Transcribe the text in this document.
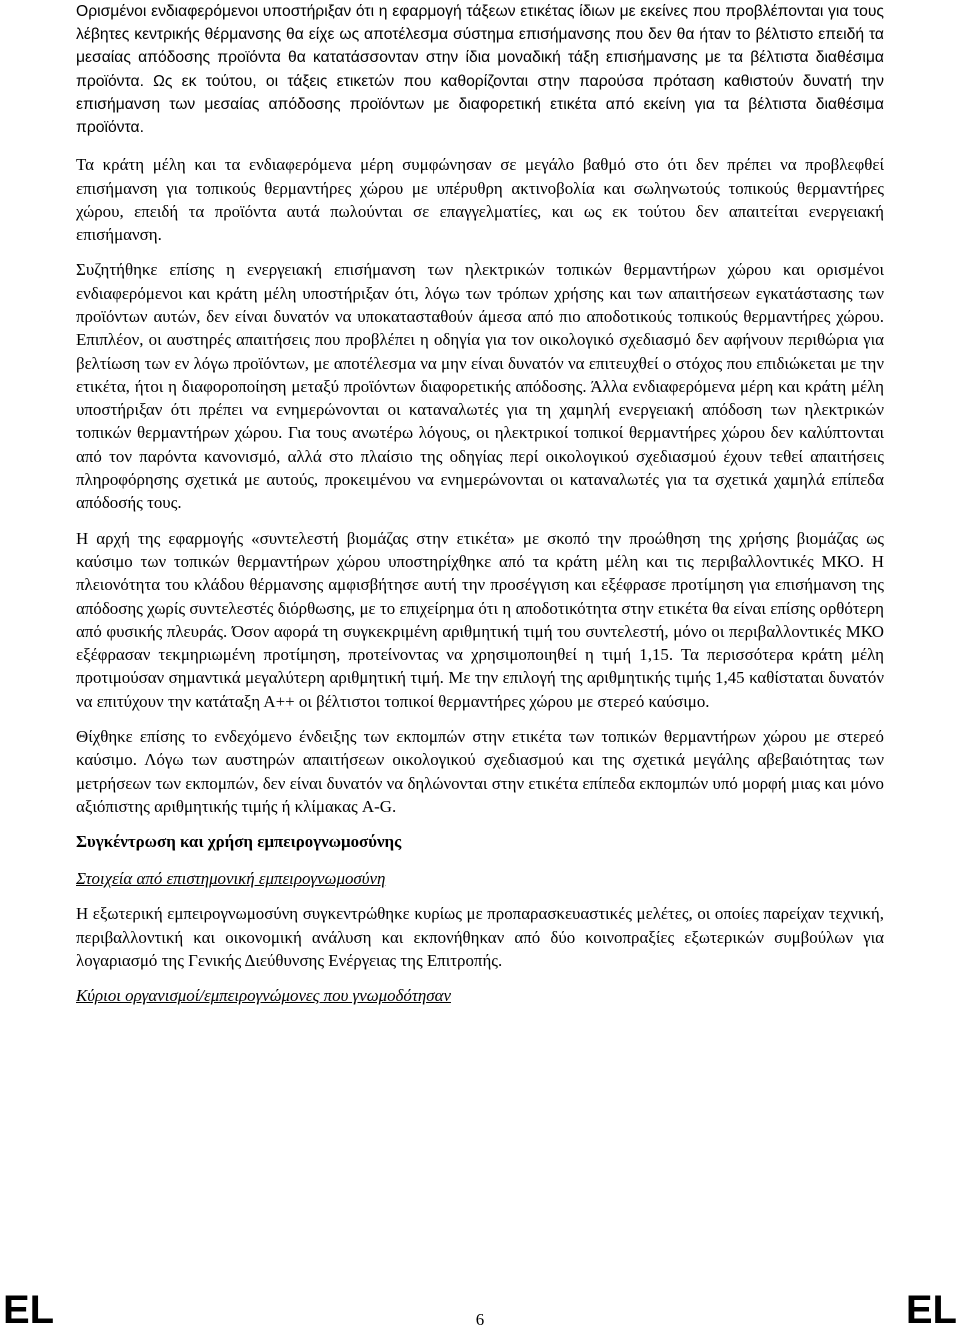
Ορισμένοι ενδιαφερόμενοι υποστήριξαν ότι η εφαρμογή τάξεων ετικέτας ίδιων με εκείνες που προβλέπονται για τους λέβητες κεντρικής θέρμανσης θα είχε ως αποτέλεσμα σύστημα επισήμανσης που δεν θα ήταν το βέλτιστο επειδή τα μεσαίας απόδοσης προϊόντα θα κατατάσσονταν στην ίδια μοναδική τάξη επισήμανσης με τα βέλτιστα διαθέσιμα προϊόντα. Ως εκ τούτου, οι τάξεις ετικετών που καθορίζονται στην παρούσα πρόταση καθιστούν δυνατή την επισήμανση των μεσαίας απόδοσης προϊόντων με διαφορετική ετικέτα από εκείνη για τα βέλτιστα διαθέσιμα προϊόντα.

Τα κράτη μέλη και τα ενδιαφερόμενα μέρη συμφώνησαν σε μεγάλο βαθμό στο ότι δεν πρέπει να προβλεφθεί επισήμανση για τοπικούς θερμαντήρες χώρου με υπέρυθρη ακτινοβολία και σωληνωτούς τοπικούς θερμαντήρες χώρου, επειδή τα προϊόντα αυτά πωλούνται σε επαγγελματίες, και ως εκ τούτου δεν απαιτείται ενεργειακή επισήμανση.

Συζητήθηκε επίσης η ενεργειακή επισήμανση των ηλεκτρικών τοπικών θερμαντήρων χώρου και ορισμένοι ενδιαφερόμενοι και κράτη μέλη υποστήριξαν ότι, λόγω των τρόπων χρήσης και των απαιτήσεων εγκατάστασης των προϊόντων αυτών, δεν είναι δυνατόν να υποκατασταθούν άμεσα από πιο αποδοτικούς τοπικούς θερμαντήρες χώρου. Επιπλέον, οι αυστηρές απαιτήσεις που προβλέπει η οδηγία για τον οικολογικό σχεδιασμό δεν αφήνουν περιθώρια για βελτίωση των εν λόγω προϊόντων, με αποτέλεσμα να μην είναι δυνατόν να επιτευχθεί ο στόχος που επιδιώκεται με την ετικέτα, ήτοι η διαφοροποίηση μεταξύ προϊόντων διαφορετικής απόδοσης. Άλλα ενδιαφερόμενα μέρη και κράτη μέλη υποστήριξαν ότι πρέπει να ενημερώνονται οι καταναλωτές για τη χαμηλή ενεργειακή απόδοση των ηλεκτρικών τοπικών θερμαντήρων χώρου. Για τους ανωτέρω λόγους, οι ηλεκτρικοί τοπικοί θερμαντήρες χώρου δεν καλύπτονται από τον παρόντα κανονισμό, αλλά στο πλαίσιο της οδηγίας περί οικολογικού σχεδιασμού έχουν τεθεί απαιτήσεις πληροφόρησης σχετικά με αυτούς, προκειμένου να ενημερώνονται οι καταναλωτές για τα σχετικά χαμηλά επίπεδα απόδοσής τους.

Η αρχή της εφαρμογής «συντελεστή βιομάζας στην ετικέτα» με σκοπό την προώθηση της χρήσης βιομάζας ως καύσιμο των τοπικών θερμαντήρων χώρου υποστηρίχθηκε από τα κράτη μέλη και τις περιβαλλοντικές ΜΚΟ. Η πλειονότητα του κλάδου θέρμανσης αμφισβήτησε αυτή την προσέγγιση και εξέφρασε προτίμηση για επισήμανση της απόδοσης χωρίς συντελεστές διόρθωσης, με το επιχείρημα ότι η αποδοτικότητα στην ετικέτα θα είναι επίσης ορθότερη από φυσικής πλευράς. Όσον αφορά τη συγκεκριμένη αριθμητική τιμή του συντελεστή, μόνο οι περιβαλλοντικές ΜΚΟ εξέφρασαν τεκμηριωμένη προτίμηση, προτείνοντας να χρησιμοποιηθεί η τιμή 1,15. Τα περισσότερα κράτη μέλη προτιμούσαν σημαντικά μεγαλύτερη αριθμητική τιμή. Με την επιλογή της αριθμητικής τιμής 1,45 καθίσταται δυνατόν να επιτύχουν την κατάταξη Α++ οι βέλτιστοι τοπικοί θερμαντήρες χώρου με στερεό καύσιμο.

Θίχθηκε επίσης το ενδεχόμενο ένδειξης των εκπομπών στην ετικέτα των τοπικών θερμαντήρων χώρου με στερεό καύσιμο. Λόγω των αυστηρών απαιτήσεων οικολογικού σχεδιασμού και της σχετικά μεγάλης αβεβαιότητας των μετρήσεων των εκπομπών, δεν είναι δυνατόν να δηλώνονται στην ετικέτα επίπεδα εκπομπών υπό μορφή μιας και μόνο αξιόπιστης αριθμητικής τιμής ή κλίμακας A-G.

Συγκέντρωση και χρήση εμπειρογνωμοσύνης

Στοιχεία από επιστημονική εμπειρογνωμοσύνη

Η εξωτερική εμπειρογνωμοσύνη συγκεντρώθηκε κυρίως με προπαρασκευαστικές μελέτες, οι οποίες παρείχαν τεχνική, περιβαλλοντική και οικονομική ανάλυση και εκπονήθηκαν από δύο κοινοπραξίες εξωτερικών συμβούλων για λογαριασμό της Γενικής Διεύθυνσης Ενέργειας της Επιτροπής.

Κύριοι οργανισμοί/εμπειρογνώμονες που γνωμοδότησαν

EL	6	EL
